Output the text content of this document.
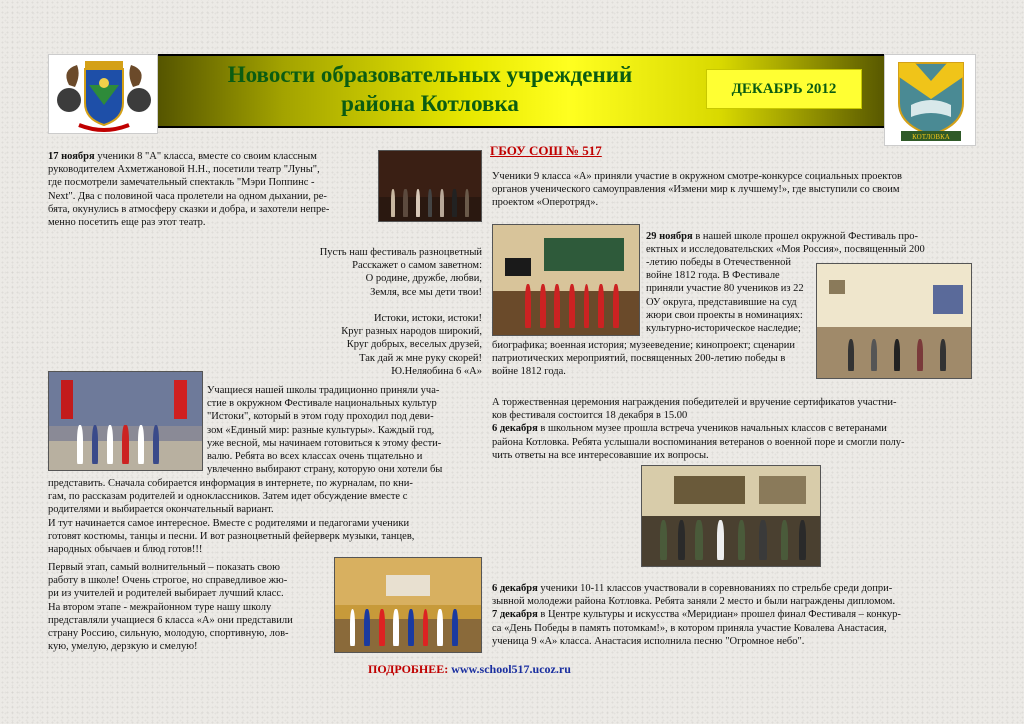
Новости образовательных учреждений
района Котловка
ДЕКАБРЬ 2012
КОТЛОВКА
17 ноября ученики 8 "А" класса, вместе со своим классным
руководителем Ахметжановой Н.Н., посетили театр "Луны",
где посмотрели замечательный спектакль "Мэри Поппинс -
Next". Два с половиной часа пролетели на одном дыхании, ре-
бята, окунулись в атмосферу сказки и добра, и захотели непре-
менно посетить еще раз этот театр.
Пусть наш фестиваль разноцветный
Расскажет о самом заветном:
О родине, дружбе, любви,
Земля, все мы дети твои!
Истоки, истоки, истоки!
Круг разных народов широкий,
Круг добрых, веселых друзей,
Так дай ж мне руку скорей!
Ю.Неляобина 6 «А»
Учащиеся нашей школы традиционно приняли уча-
стие в окружном Фестивале национальных культур
"Истоки", который в этом году проходил под деви-
зом «Единый мир: разные культуры». Каждый год,
уже весной, мы начинаем готовиться к этому фести-
валю. Ребята во всех классах очень тщательно и
увлеченно выбирают страну, которую они хотели бы
представить. Сначала собирается информация в интернете, по журналам, по кни-
гам, по рассказам родителей и одноклассников. Затем идет обсуждение вместе с
родителями и выбирается окончательный вариант.
И тут начинается самое интересное. Вместе с родителями и педагогами ученики
готовят костюмы, танцы и песни. И вот разноцветный фейерверк музыки, танцев,
народных обычаев и блюд готов!!!
Первый этап, самый волнительный – показать свою
работу в школе! Очень строгое, но справедливое жю-
ри из учителей и родителей выбирает лучший класс.
На втором этапе - межрайонном туре нашу школу
представляли учащиеся 6 класса «А» они представили
страну Россию, сильную, молодую, спортивную, лов-
кую, умелую, дерзкую и смелую!
ГБОУ СОШ № 517
Ученики 9 класса «А» приняли участие в окружном смотре-конкурсе социальных проектов
органов ученического самоуправления «Измени мир к лучшему!», где выступили со своим
проектом «Оперотряд».
29 ноября в нашей школе прошел окружной Фестиваль про-
ектных и исследовательских «Моя Россия», посвященный 200
-летию победы в Отечественной
войне 1812 года. В Фестивале
приняли участие 80 учеников из 22
ОУ округа, представившие на суд
жюри свои проекты в номинациях:
культурно-историческое наследие;
биографика; военная история; музееведение; кинопроект; сценарии
патриотических мероприятий, посвященных 200-летию победы в
войне 1812 года.
А торжественная церемония награждения победителей и вручение сертификатов участни-
ков фестиваля состоится 18 декабря в 15.00
6 декабря в школьном музее прошла встреча учеников начальных классов с ветеранами
района Котловка. Ребята услышали воспоминания ветеранов о военной поре и смогли полу-
чить ответы на все интересовавшие их вопросы.
6 декабря ученики 10-11 классов участвовали в соревнованиях по стрельбе среди допри-
зывной молодежи района Котловка. Ребята заняли 2 место и были награждены дипломом.
7 декабря в Центре культуры и искусства «Меридиан» прошел финал Фестиваля – конкур-
са «День Победы в память потомкам!», в котором приняла участие Ковалева Анастасия,
ученица 9 «А» класса. Анастасия исполнила песню "Огромное небо".
ПОДРОБНЕЕ: www.school517.ucoz.ru
